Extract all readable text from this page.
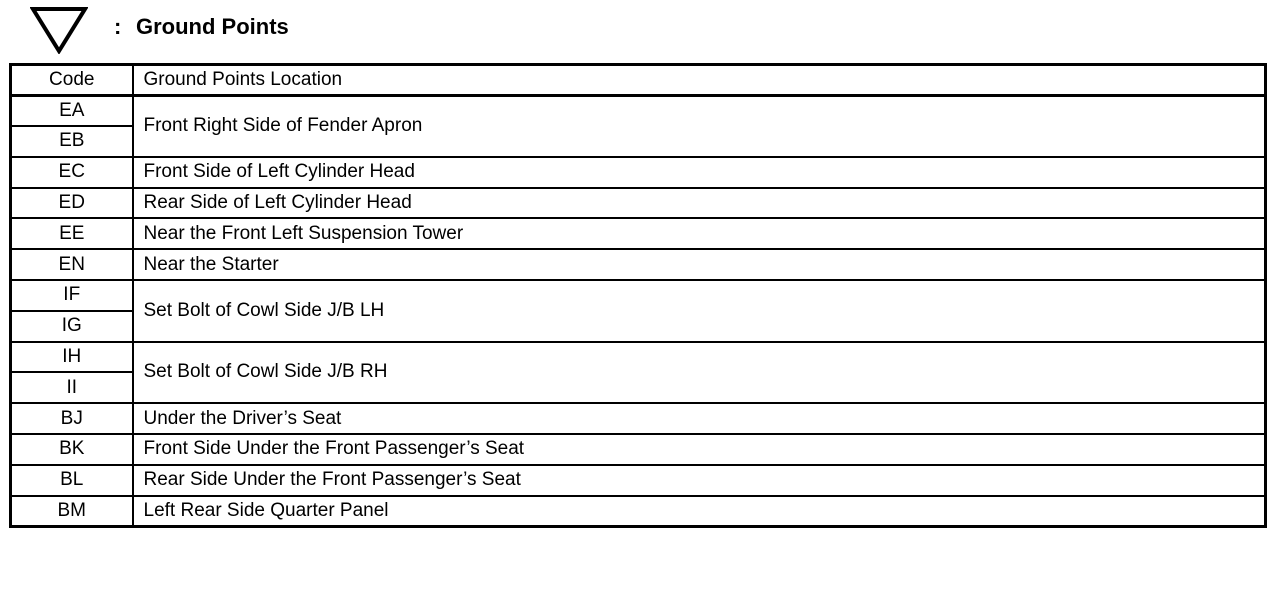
: Ground Points
Code	Ground Points Location
EA	Front Right Side of Fender Apron
EB	
EC	Front Side of Left Cylinder Head
ED	Rear Side of Left Cylinder Head
EE	Near the Front Left Suspension Tower
EN	Near the Starter
IF	Set Bolt of Cowl Side J/B LH
IG	
IH	Set Bolt of Cowl Side J/B RH
II	
BJ	Under the Driver’s Seat
BK	Front Side Under the Front Passenger’s Seat
BL	Rear Side Under the Front Passenger’s Seat
BM	Left Rear Side Quarter Panel
